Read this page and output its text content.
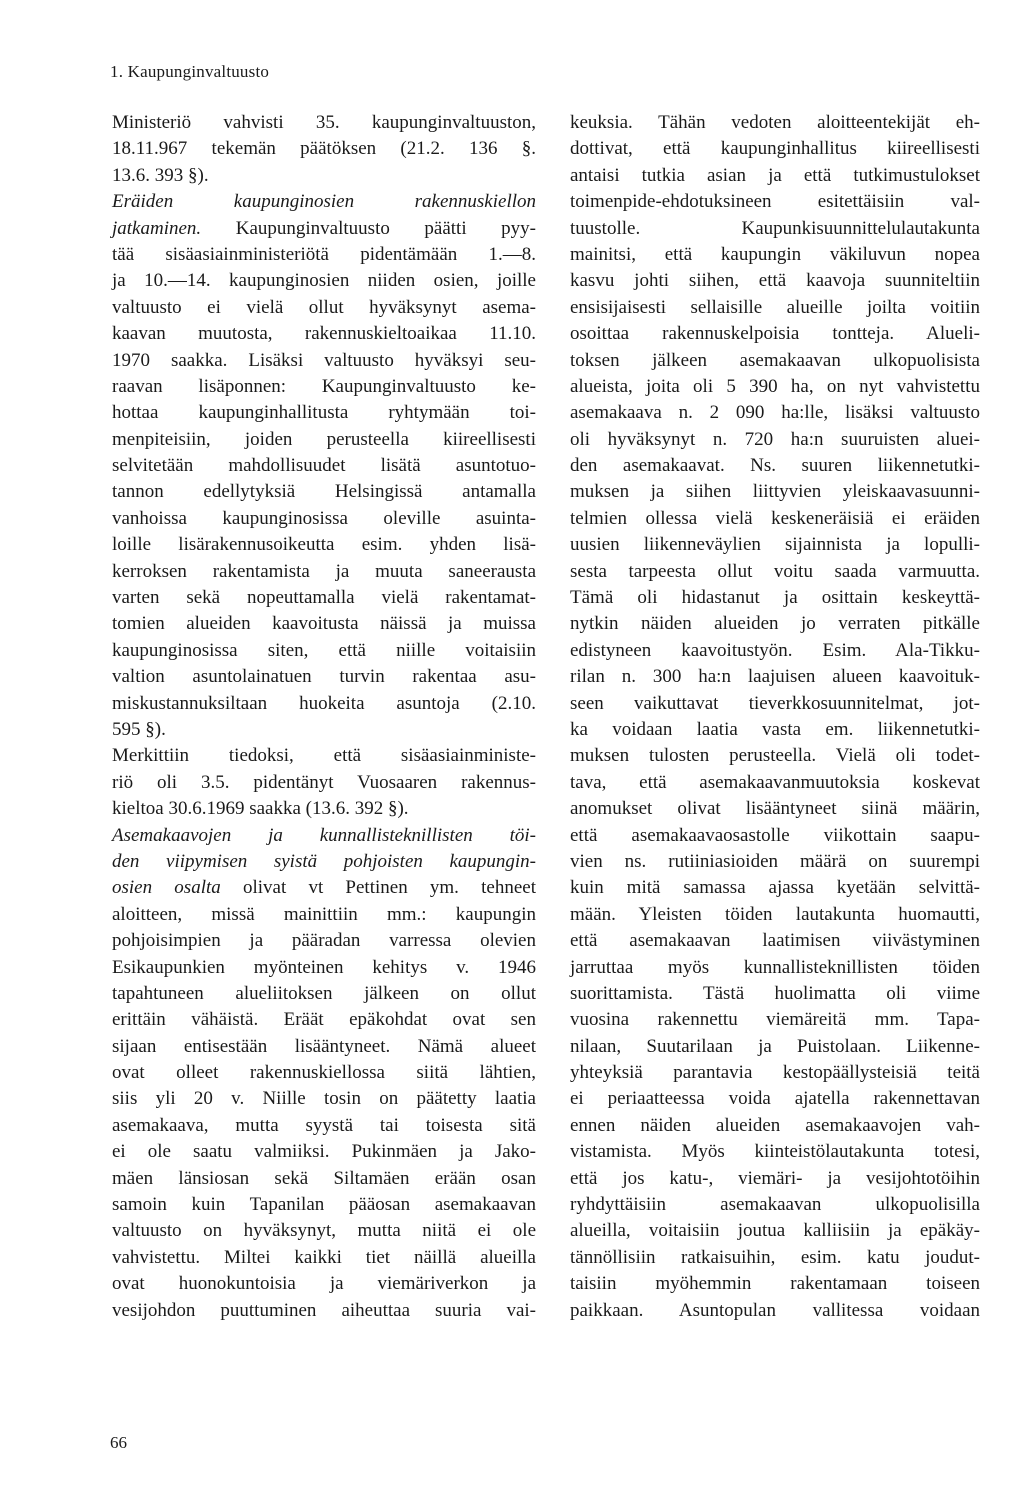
1. Kaupunginvaltuusto
Ministeriö vahvisti 35. kaupunginvaltuuston,
18.11.967 tekemän päätöksen (21.2. 136 §.
13.6. 393 §).
Eräiden kaupunginosien rakennuskiellon
jatkaminen. Kaupunginvaltuusto päätti pyy-
tää sisäasiainministeriötä pidentämään 1.—8.
ja 10.—14. kaupunginosien niiden osien, joille
valtuusto ei vielä ollut hyväksynyt asema-
kaavan muutosta, rakennuskieltoaikaa 11.10.
1970 saakka. Lisäksi valtuusto hyväksyi seu-
raavan lisäponnen: Kaupunginvaltuusto ke-
hottaa kaupunginhallitusta ryhtymään toi-
menpiteisiin, joiden perusteella kiireellisesti
selvitetään mahdollisuudet lisätä asuntotuo-
tannon edellytyksiä Helsingissä antamalla
vanhoissa kaupunginosissa oleville asuinta-
loille lisärakennusoikeutta esim. yhden lisä-
kerroksen rakentamista ja muuta saneerausta
varten sekä nopeuttamalla vielä rakentamat-
tomien alueiden kaavoitusta näissä ja muissa
kaupunginosissa siten, että niille voitaisiin
valtion asuntolainatuen turvin rakentaa asu-
miskustannuksiltaan huokeita asuntoja (2.10.
595 §).
Merkittiin tiedoksi, että sisäasiainministe-
riö oli 3.5. pidentänyt Vuosaaren rakennus-
kieltoa 30.6.1969 saakka (13.6. 392 §).
Asemakaavojen ja kunnallisteknillisten töi-
den viipymisen syistä pohjoisten kaupungin-
osien osalta olivat vt Pettinen ym. tehneet
aloitteen, missä mainittiin mm.: kaupungin
pohjoisimpien ja pääradan varressa olevien
Esikaupunkien myönteinen kehitys v. 1946
tapahtuneen alueliitoksen jälkeen on ollut
erittäin vähäistä. Eräät epäkohdat ovat sen
sijaan entisestään lisääntyneet. Nämä alueet
ovat olleet rakennuskiellossa siitä lähtien,
siis yli 20 v. Niille tosin on päätetty laatia
asemakaava, mutta syystä tai toisesta sitä
ei ole saatu valmiiksi. Pukinmäen ja Jako-
mäen länsiosan sekä Siltamäen erään osan
samoin kuin Tapanilan pääosan asemakaavan
valtuusto on hyväksynyt, mutta niitä ei ole
vahvistettu. Miltei kaikki tiet näillä alueilla
ovat huonokuntoisia ja viemäriverkon ja
vesijohdon puuttuminen aiheuttaa suuria vai-
keuksia. Tähän vedoten aloitteentekijät eh-
dottivat, että kaupunginhallitus kiireellisesti
antaisi tutkia asian ja että tutkimustulokset
toimenpide-ehdotuksineen esitettäisiin val-
tuustolle. Kaupunkisuunnittelulautakunta
mainitsi, että kaupungin väkiluvun nopea
kasvu johti siihen, että kaavoja suunniteltiin
ensisijaisesti sellaisille alueille joilta voitiin
osoittaa rakennuskelpoisia tontteja. Alueli-
toksen jälkeen asemakaavan ulkopuolisista
alueista, joita oli 5 390 ha, on nyt vahvistettu
asemakaava n. 2 090 ha:lle, lisäksi valtuusto
oli hyväksynyt n. 720 ha:n suuruisten aluei-
den asemakaavat. Ns. suuren liikennetutki-
muksen ja siihen liittyvien yleiskaavasuunni-
telmien ollessa vielä keskeneräisiä ei eräiden
uusien liikenneväylien sijainnista ja lopulli-
sesta tarpeesta ollut voitu saada varmuutta.
Tämä oli hidastanut ja osittain keskeyttä-
nytkin näiden alueiden jo verraten pitkälle
edistyneen kaavoitustyön. Esim. Ala-Tikku-
rilan n. 300 ha:n laajuisen alueen kaavoituk-
seen vaikuttavat tieverkkosuunnitelmat, jot-
ka voidaan laatia vasta em. liikennetutki-
muksen tulosten perusteella. Vielä oli todet-
tava, että asemakaavanmuutoksia koskevat
anomukset olivat lisääntyneet siinä määrin,
että asemakaavaosastolle viikottain saapu-
vien ns. rutiiniasioiden määrä on suurempi
kuin mitä samassa ajassa kyetään selvittä-
mään. Yleisten töiden lautakunta huomautti,
että asemakaavan laatimisen viivästyminen
jarruttaa myös kunnallisteknillisten töiden
suorittamista. Tästä huolimatta oli viime
vuosina rakennettu viemäreitä mm. Tapa-
nilaan, Suutarilaan ja Puistolaan. Liikenne-
yhteyksiä parantavia kestopäällysteisiä teitä
ei periaatteessa voida ajatella rakennettavan
ennen näiden alueiden asemakaavojen vah-
vistamista. Myös kiinteistölautakunta totesi,
että jos katu-, viemäri- ja vesijohtotöihin
ryhdyttäisiin asemakaavan ulkopuolisilla
alueilla, voitaisiin joutua kalliisiin ja epäkäy-
tännöllisiin ratkaisuihin, esim. katu joudut-
taisiin myöhemmin rakentamaan toiseen
paikkaan. Asuntopulan vallitessa voidaan
66
